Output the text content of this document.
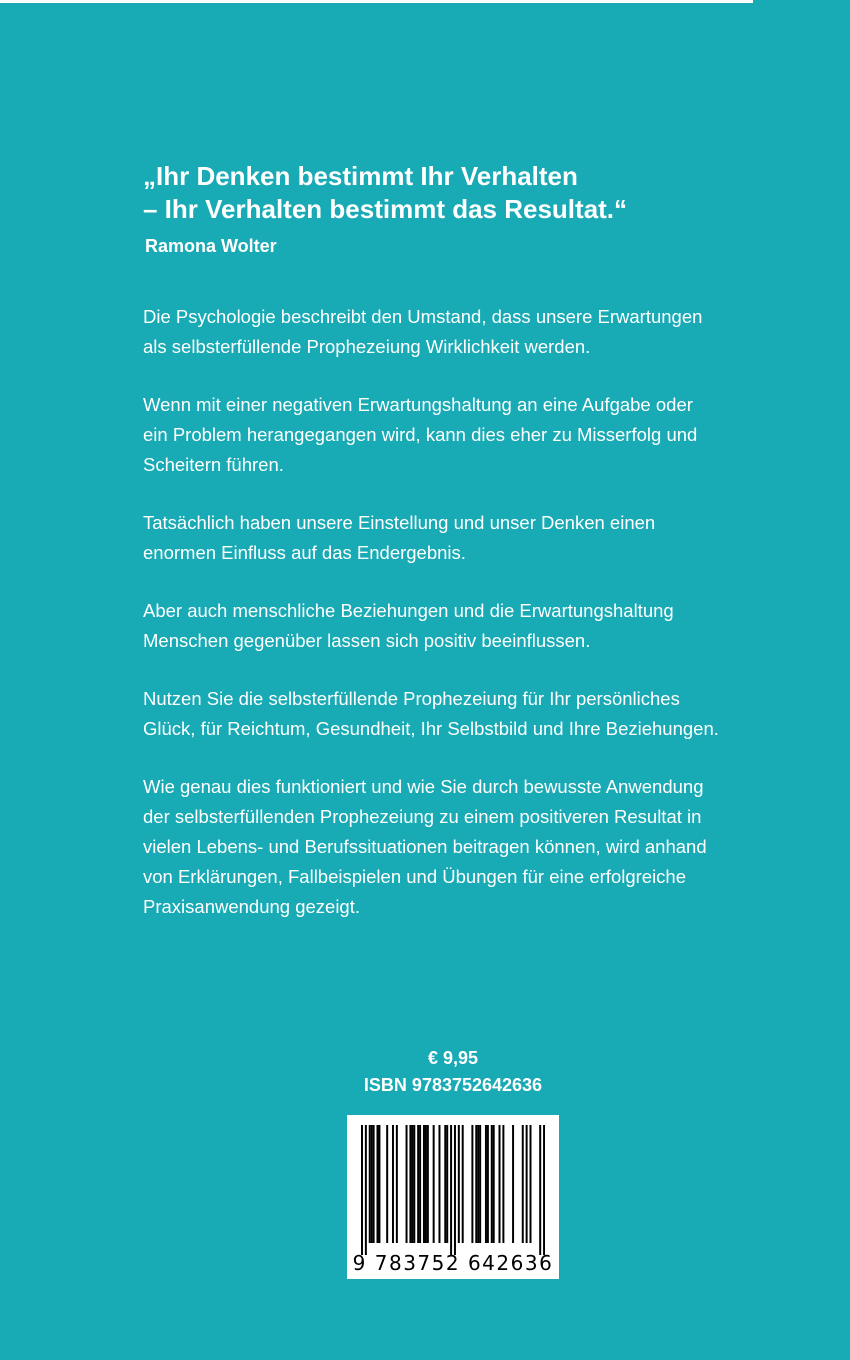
„Ihr Denken bestimmt Ihr Verhalten
– Ihr Verhalten bestimmt das Resultat.“
Ramona Wolter

Die Psychologie beschreibt den Umstand, dass unsere Erwartungen
als selbsterfüllende Prophezeiung Wirklichkeit werden.

Wenn mit einer negativen Erwartungshaltung an eine Aufgabe oder
ein Problem herangegangen wird, kann dies eher zu Misserfolg und
Scheitern führen.

Tatsächlich haben unsere Einstellung und unser Denken einen
enormen Einfluss auf das Endergebnis.

Aber auch menschliche Beziehungen und die Erwartungshaltung
Menschen gegenüber lassen sich positiv beeinflussen.

Nutzen Sie die selbsterfüllende Prophezeiung für Ihr persönliches
Glück, für Reichtum, Gesundheit, Ihr Selbstbild und Ihre Beziehungen.

Wie genau dies funktioniert und wie Sie durch bewusste Anwendung
der selbsterfüllenden Prophezeiung zu einem positiveren Resultat in
vielen Lebens- und Berufssituationen beitragen können, wird anhand
von Erklärungen, Fallbeispielen und Übungen für eine erfolgreiche
Praxisanwendung gezeigt.

€ 9,95
ISBN 9783752642636
9 783752 642636
